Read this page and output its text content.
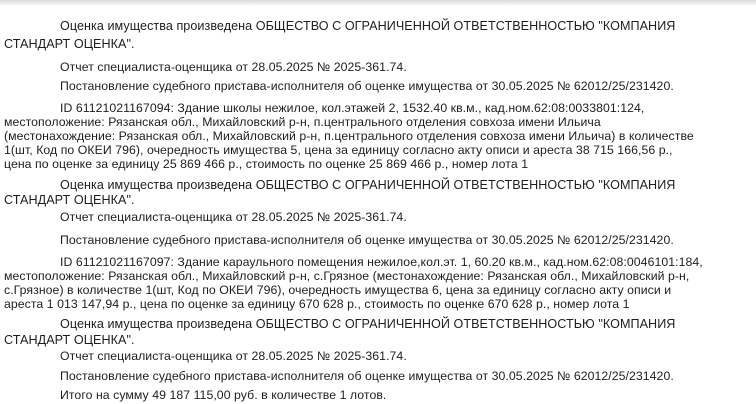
Оценка имущества произведена ОБЩЕСТВО С ОГРАНИЧЕННОЙ ОТВЕТСТВЕННОСТЬЮ "КОМПАНИЯ
СТАНДАРТ ОЦЕНКА".
Отчет специалиста-оценщика от 28.05.2025 № 2025-361.74.
Постановление судебного пристава-исполнителя об оценке имущества от 30.05.2025 № 62012/25/231420.
ID 61121021167094: Здание школы нежилое, кол.этажей 2, 1532.40 кв.м., кад.ном.62:08:0033801:124,
местоположение: Рязанская обл., Михайловский р-н, п.центрального отделения совхоза имени Ильича
(местонахождение: Рязанская обл., Михайловский р-н, п.центрального отделения совхоза имени Ильича) в количестве
1(шт, Код по ОКЕИ 796), очередность имущества 5, цена за единицу согласно акту описи и ареста 38 715 166,56 р.,
цена по оценке за единицу 25 869 466 р., стоимость по оценке 25 869 466 р., номер лота 1
Оценка имущества произведена ОБЩЕСТВО С ОГРАНИЧЕННОЙ ОТВЕТСТВЕННОСТЬЮ "КОМПАНИЯ
СТАНДАРТ ОЦЕНКА".
Отчет специалиста-оценщика от 28.05.2025 № 2025-361.74.
Постановление судебного пристава-исполнителя об оценке имущества от 30.05.2025 № 62012/25/231420.
ID 61121021167097: Здание караульного помещения нежилое,кол.эт. 1, 60.20 кв.м., кад.ном.62:08:0046101:184,
местоположение: Рязанская обл., Михайловский р-н, с.Грязное (местонахождение: Рязанская обл., Михайловский р-н,
с.Грязное) в количестве 1(шт, Код по ОКЕИ 796), очередность имущества 6, цена за единицу согласно акту описи и
ареста 1 013 147,94 р., цена по оценке за единицу 670 628 р., стоимость по оценке 670 628 р., номер лота 1
Оценка имущества произведена ОБЩЕСТВО С ОГРАНИЧЕННОЙ ОТВЕТСТВЕННОСТЬЮ "КОМПАНИЯ
СТАНДАРТ ОЦЕНКА".
Отчет специалиста-оценщика от 28.05.2025 № 2025-361.74.
Постановление судебного пристава-исполнителя об оценке имущества от 30.05.2025 № 62012/25/231420.
Итого на сумму 49 187 115,00 руб. в количестве 1 лотов.
